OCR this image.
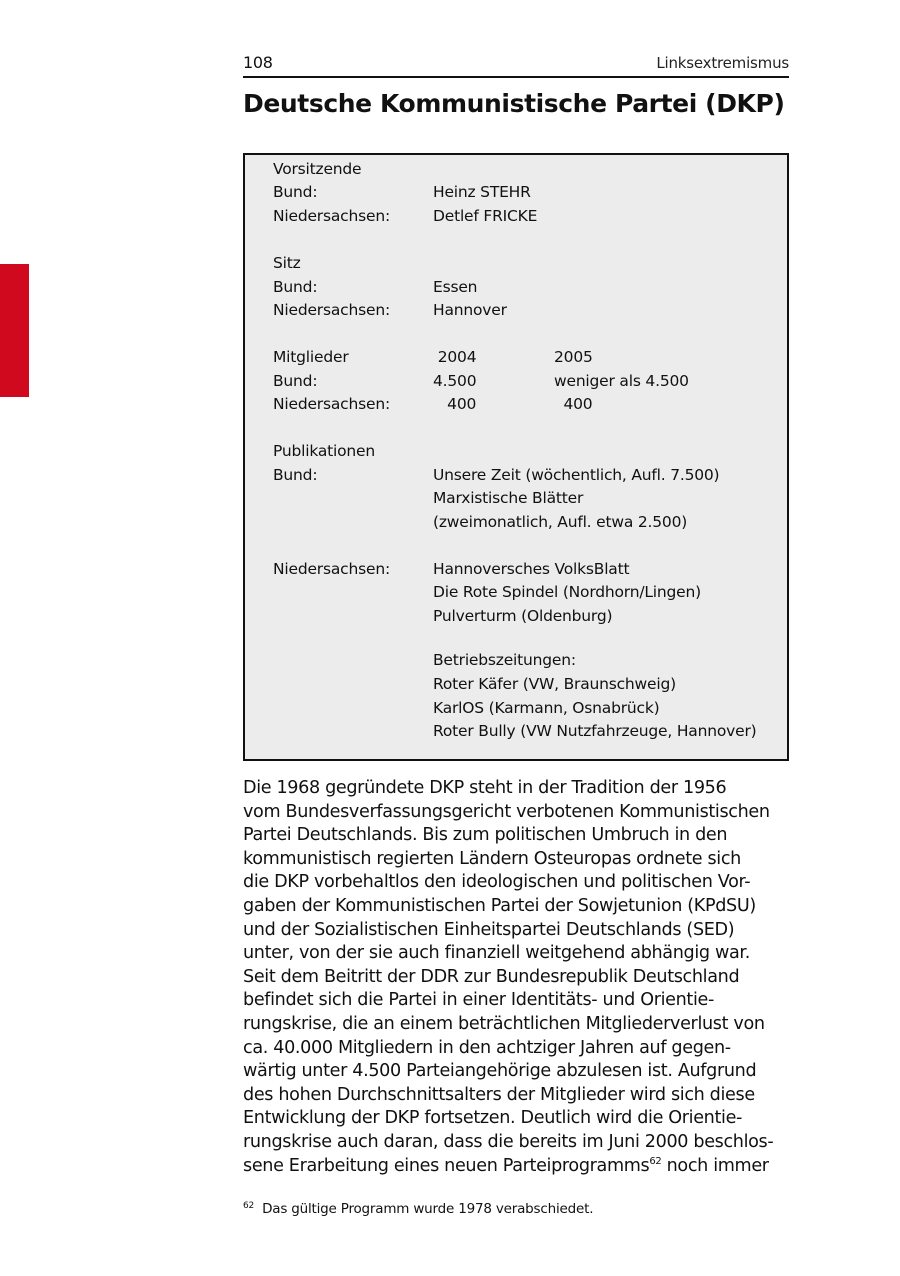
108	Linksextremismus
Deutsche Kommunistische Partei (DKP)
Vorsitzende
Bund:	Heinz STEHR
Niedersachsen:	Detlef FRICKE
Sitz
Bund:	Essen
Niedersachsen:	Hannover
Mitglieder	2004	2005
Bund:	4.500	weniger als 4.500
Niedersachsen:	400	400
Publikationen
Bund:	Unsere Zeit (wöchentlich, Aufl. 7.500)
Marxistische Blätter
(zweimonatlich, Aufl. etwa 2.500)
Niedersachsen:	Hannoversches VolksBlatt
Die Rote Spindel (Nordhorn/Lingen)
Pulverturm (Oldenburg)
Betriebszeitungen:
Roter Käfer (VW, Braunschweig)
KarlOS (Karmann, Osnabrück)
Roter Bully (VW Nutzfahrzeuge, Hannover)
Die 1968 gegründete DKP steht in der Tradition der 1956
vom Bundesverfassungsgericht verbotenen Kommunistischen
Partei Deutschlands. Bis zum politischen Umbruch in den
kommunistisch regierten Ländern Osteuropas ordnete sich
die DKP vorbehaltlos den ideologischen und politischen Vor-
gaben der Kommunistischen Partei der Sowjetunion (KPdSU)
und der Sozialistischen Einheitspartei Deutschlands (SED)
unter, von der sie auch finanziell weitgehend abhängig war.
Seit dem Beitritt der DDR zur Bundesrepublik Deutschland
befindet sich die Partei in einer Identitäts- und Orientie-
rungskrise, die an einem beträchtlichen Mitgliederverlust von
ca. 40.000 Mitgliedern in den achtziger Jahren auf gegen-
wärtig unter 4.500 Parteiangehörige abzulesen ist. Aufgrund
des hohen Durchschnittsalters der Mitglieder wird sich diese
Entwicklung der DKP fortsetzen. Deutlich wird die Orientie-
rungskrise auch daran, dass die bereits im Juni 2000 beschlos-
sene Erarbeitung eines neuen Parteiprogramms$^{62}$ noch immer
$^{62}$ Das gültige Programm wurde 1978 verabschiedet.
